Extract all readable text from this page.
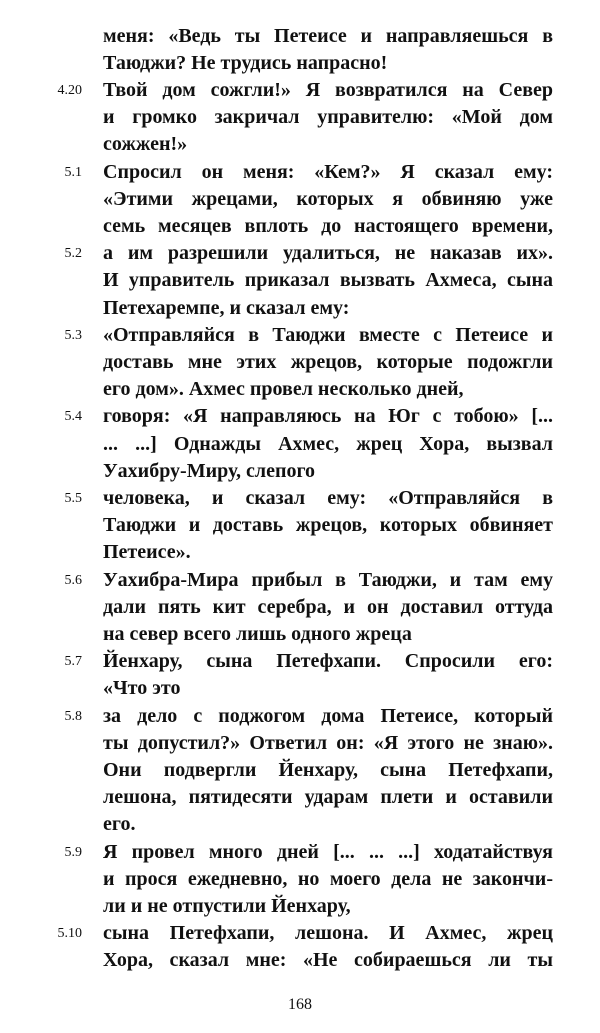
меня: «Ведь ты Петеисе и направляешься в
Таюджи? Не трудись напрасно!
4.20 Твой дом сожгли!» Я возвратился на Север
и громко закричал управителю: «Мой дом
сожжен!»
5.1 Спросил он меня: «Кем?» Я сказал ему:
«Этими жрецами, которых я обвиняю уже
семь месяцев вплоть до настоящего времени,
5.2 а им разрешили удалиться, не наказав их».
И управитель приказал вызвать Ахмеса, сына
Петехаремпе, и сказал ему:
5.3 «Отправляйся в Таюджи вместе с Петеисе и
доставь мне этих жрецов, которые подожгли
его дом». Ахмес провел несколько дней,
5.4 говоря: «Я направляюсь на Юг с тобою» [...
... ...] Однажды Ахмес, жрец Хора, вызвал
Уахибру-Миру, слепого
5.5 человека, и сказал ему: «Отправляйся в
Таюджи и доставь жрецов, которых обвиняет
Петеисе».
5.6 Уахибра-Мира прибыл в Таюджи, и там ему
дали пять кит серебра, и он доставил оттуда
на север всего лишь одного жреца
5.7 Йенхару, сына Петефхапи. Спросили его:
«Что это
5.8 за дело с поджогом дома Петеисе, который
ты допустил?» Ответил он: «Я этого не знаю».
Они подвергли Йенхару, сына Петефхапи,
лешона, пятидесяти ударам плети и оставили
его.
5.9 Я провел много дней [... ... ...] ходатайствуя
и прося ежедневно, но моего дела не закончи-
ли и не отпустили Йенхару,
5.10 сына Петефхапи, лешона. И Ахмес, жрец
Хора, сказал мне: «Не собираешься ли ты
168
